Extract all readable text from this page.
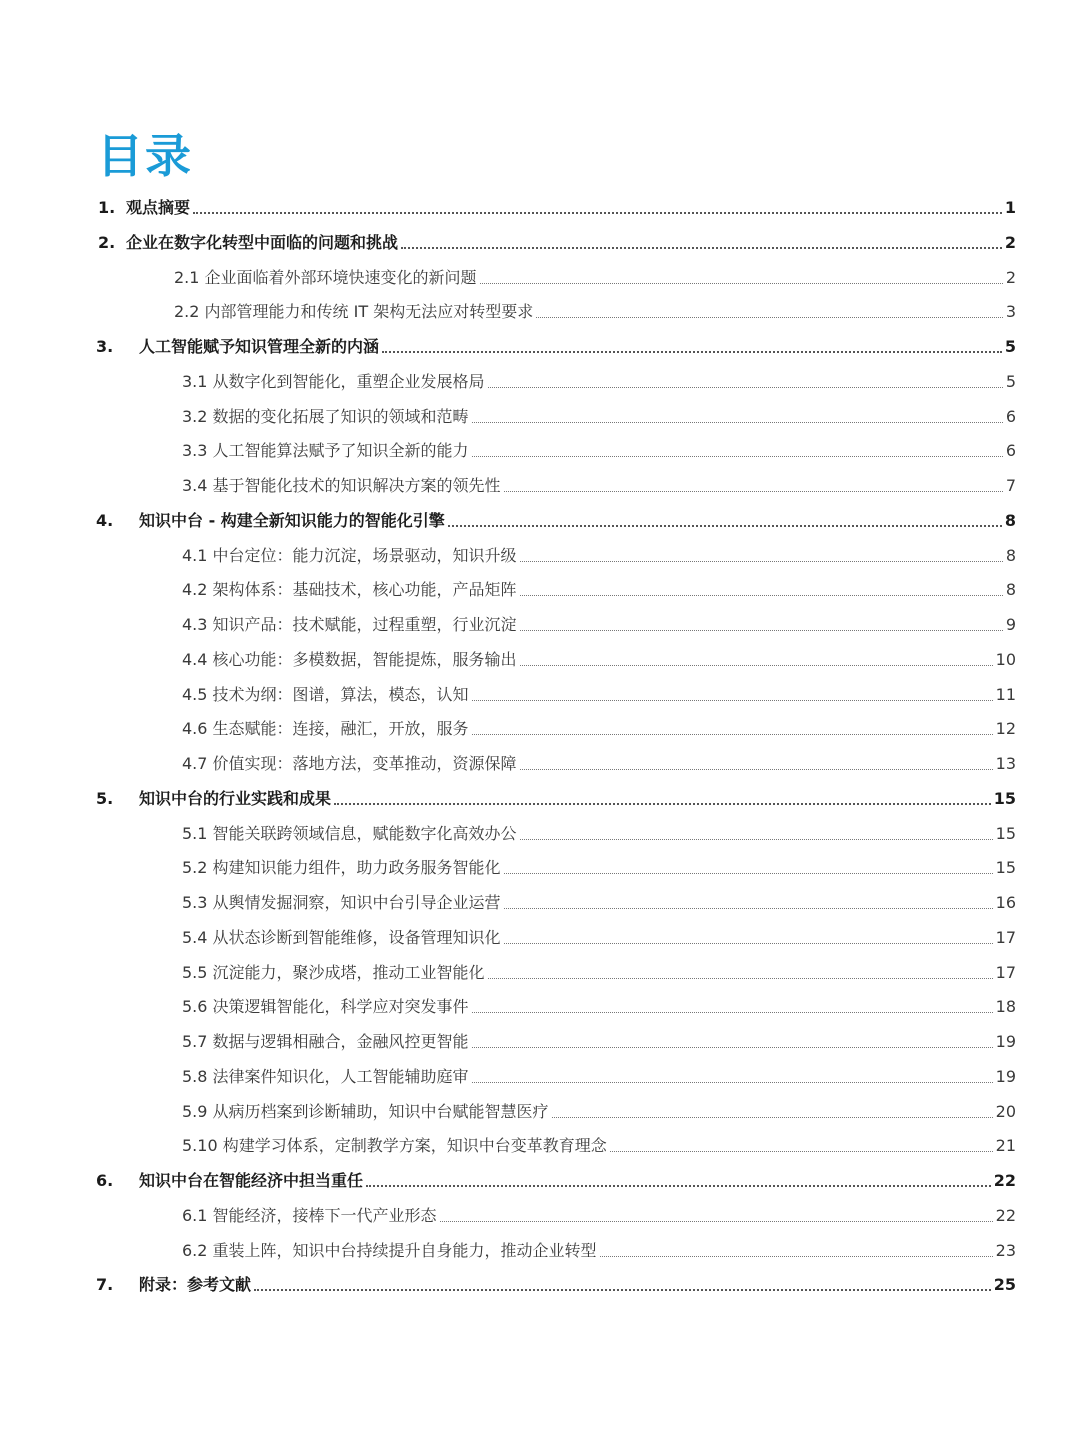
目录
1. 观点摘要	1
2. 企业在数字化转型中面临的问题和挑战	2
2.1 企业面临着外部环境快速变化的新问题	2
2.2 内部管理能力和传统 IT 架构无法应对转型要求	3
3.	人工智能赋予知识管理全新的内涵	5
3.1 从数字化到智能化，重塑企业发展格局	5
3.2 数据的变化拓展了知识的领域和范畴	6
3.3 人工智能算法赋予了知识全新的能力	6
3.4 基于智能化技术的知识解决方案的领先性	7
4.	知识中台 - 构建全新知识能力的智能化引擎	8
4.1 中台定位：能力沉淀，场景驱动，知识升级	8
4.2 架构体系：基础技术，核心功能，产品矩阵	8
4.3 知识产品：技术赋能，过程重塑，行业沉淀	9
4.4 核心功能：多模数据，智能提炼，服务输出	10
4.5 技术为纲：图谱，算法，模态，认知	11
4.6 生态赋能：连接，融汇，开放，服务	12
4.7 价值实现：落地方法，变革推动，资源保障	13
5.	知识中台的行业实践和成果	15
5.1 智能关联跨领域信息，赋能数字化高效办公	15
5.2 构建知识能力组件，助力政务服务智能化	15
5.3 从舆情发掘洞察，知识中台引导企业运营	16
5.4 从状态诊断到智能维修，设备管理知识化	17
5.5 沉淀能力，聚沙成塔，推动工业智能化	17
5.6 决策逻辑智能化，科学应对突发事件	18
5.7 数据与逻辑相融合，金融风控更智能	19
5.8 法律案件知识化，人工智能辅助庭审	19
5.9 从病历档案到诊断辅助，知识中台赋能智慧医疗	20
5.10 构建学习体系，定制教学方案，知识中台变革教育理念	21
6.	知识中台在智能经济中担当重任	22
6.1 智能经济，接棒下一代产业形态	22
6.2 重装上阵，知识中台持续提升自身能力，推动企业转型	23
7.	附录：参考文献	25
